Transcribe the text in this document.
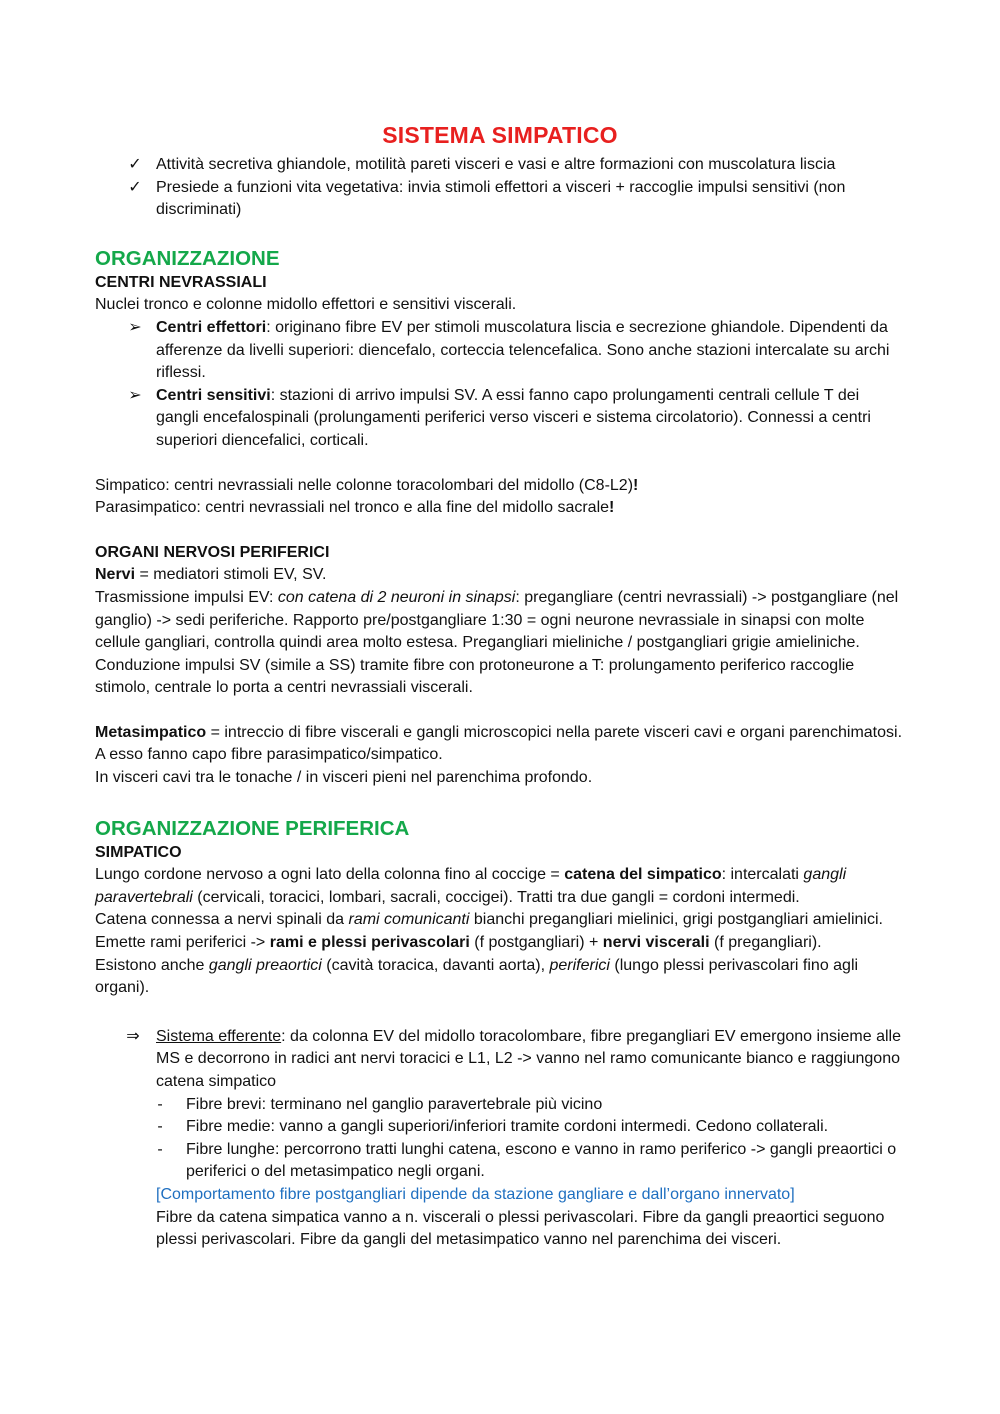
SISTEMA SIMPATICO
✓ Attività secretiva ghiandole, motilità pareti visceri e vasi e altre formazioni con muscolatura liscia
✓ Presiede a funzioni vita vegetativa: invia stimoli effettori a visceri + raccoglie impulsi sensitivi (non discriminati)
ORGANIZZAZIONE
CENTRI NEVRASSIALI

Nuclei tronco e colonne midollo effettori e sensitivi viscerali.

➢ Centri effettori: originano fibre EV per stimoli muscolatura liscia e secrezione ghiandole. Dipendenti da afferenze da livelli superiori: diencefalo, corteccia telencefalica. Sono anche stazioni intercalate su archi riflessi.
➢ Centri sensitivi: stazioni di arrivo impulsi SV. A essi fanno capo prolungamenti centrali cellule T dei gangli encefalospinali (prolungamenti periferici verso visceri e sistema circolatorio). Connessi a centri superiori diencefalici, corticali.

Simpatico: centri nevrassiali nelle colonne toracolombari del midollo (C8-L2)!

Parasimpatico: centri nevrassiali nel tronco e alla fine del midollo sacrale!

ORGANI NERVOSI PERIFERICI

Nervi = mediatori stimoli EV, SV.

Trasmissione impulsi EV: con catena di 2 neuroni in sinapsi: pregangliare (centri nevrassiali) -> postgangliare (nel ganglio) -> sedi periferiche. Rapporto pre/postgangliare 1:30 = ogni neurone nevrassiale in sinapsi con molte cellule gangliari, controlla quindi area molto estesa. Pregangliari mieliniche / postgangliari grigie amieliniche.

Conduzione impulsi SV (simile a SS) tramite fibre con protoneurone a T: prolungamento periferico raccoglie stimolo, centrale lo porta a centri nevrassiali viscerali.

Metasimpatico = intreccio di fibre viscerali e gangli microscopici nella parete visceri cavi e organi parenchimatosi. A esso fanno capo fibre parasimpatico/simpatico.

In visceri cavi tra le tonache / in visceri pieni nel parenchima profondo.

ORGANIZZAZIONE PERIFERICA
SIMPATICO

Lungo cordone nervoso a ogni lato della colonna fino al coccige = catena del simpatico: intercalati gangli paravertebrali (cervicali, toracici, lombari, sacrali, coccigei). Tratti tra due gangli = cordoni intermedi.

Catena connessa a nervi spinali da rami comunicanti bianchi pregangliari mielinici, grigi postgangliari amielinici.

Emette rami periferici -> rami e plessi perivascolari (f postgangliari) + nervi viscerali (f pregangliari).

Esistono anche gangli preaortici (cavità toracica, davanti aorta), periferici (lungo plessi perivascolari fino agli organi).

⇒ Sistema efferente: da colonna EV del midollo toracolombare, fibre pregangliari EV emergono insieme alle MS e decorrono in radici ant nervi toracici e L1, L2 -> vanno nel ramo comunicante bianco e raggiungono catena simpatico
- Fibre brevi: terminano nel ganglio paravertebrale più vicino
- Fibre medie: vanno a gangli superiori/inferiori tramite cordoni intermedi. Cedono collaterali.
- Fibre lunghe: percorrono tratti lunghi catena, escono e vanno in ramo periferico -> gangli preaortici o periferici o del metasimpatico negli organi.

[Comportamento fibre postgangliari dipende da stazione gangliare e dall’organo innervato]

Fibre da catena simpatica vanno a n. viscerali o plessi perivascolari. Fibre da gangli preaortici seguono plessi perivascolari. Fibre da gangli del metasimpatico vanno nel parenchima dei visceri.
